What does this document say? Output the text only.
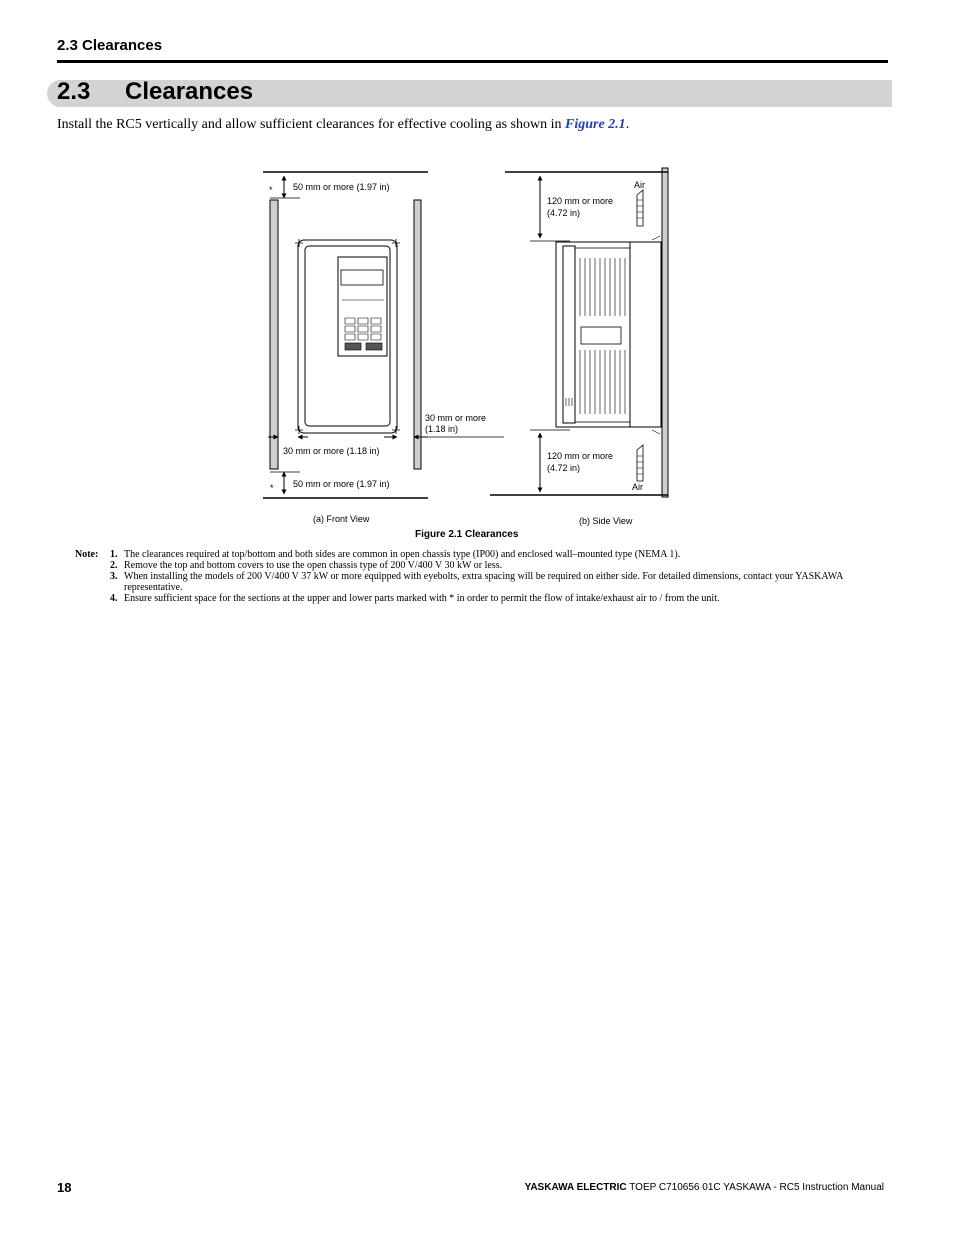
2.3 Clearances
2.3 Clearances
Install the RC5 vertically and allow sufficient clearances for effective cooling as shown in Figure 2.1.
50 mm or more (1.97 in)
*
30 mm or more (1.18 in)
30 mm or more
(1.18 in)
50 mm or more (1.97 in)
*
(a) Front View
Air
120 mm or more
(4.72 in)
120 mm or more
(4.72 in)
Air
(b) Side View
Figure 2.1 Clearances
Note: 1. The clearances required at top/bottom and both sides are common in open chassis type (IP00) and enclosed wall–mounted type (NEMA 1).
2. Remove the top and bottom covers to use the open chassis type of 200 V/400 V 30 kW or less.
3. When installing the models of 200 V/400 V 37 kW or more equipped with eyebolts, extra spacing will be required on either side. For detailed dimensions, contact your YASKAWA representative.
4. Ensure sufficient space for the sections at the upper and lower parts marked with * in order to permit the flow of intake/exhaust air to / from the unit.
18	YASKAWA ELECTRIC TOEP C710656 01C YASKAWA - RC5 Instruction Manual
